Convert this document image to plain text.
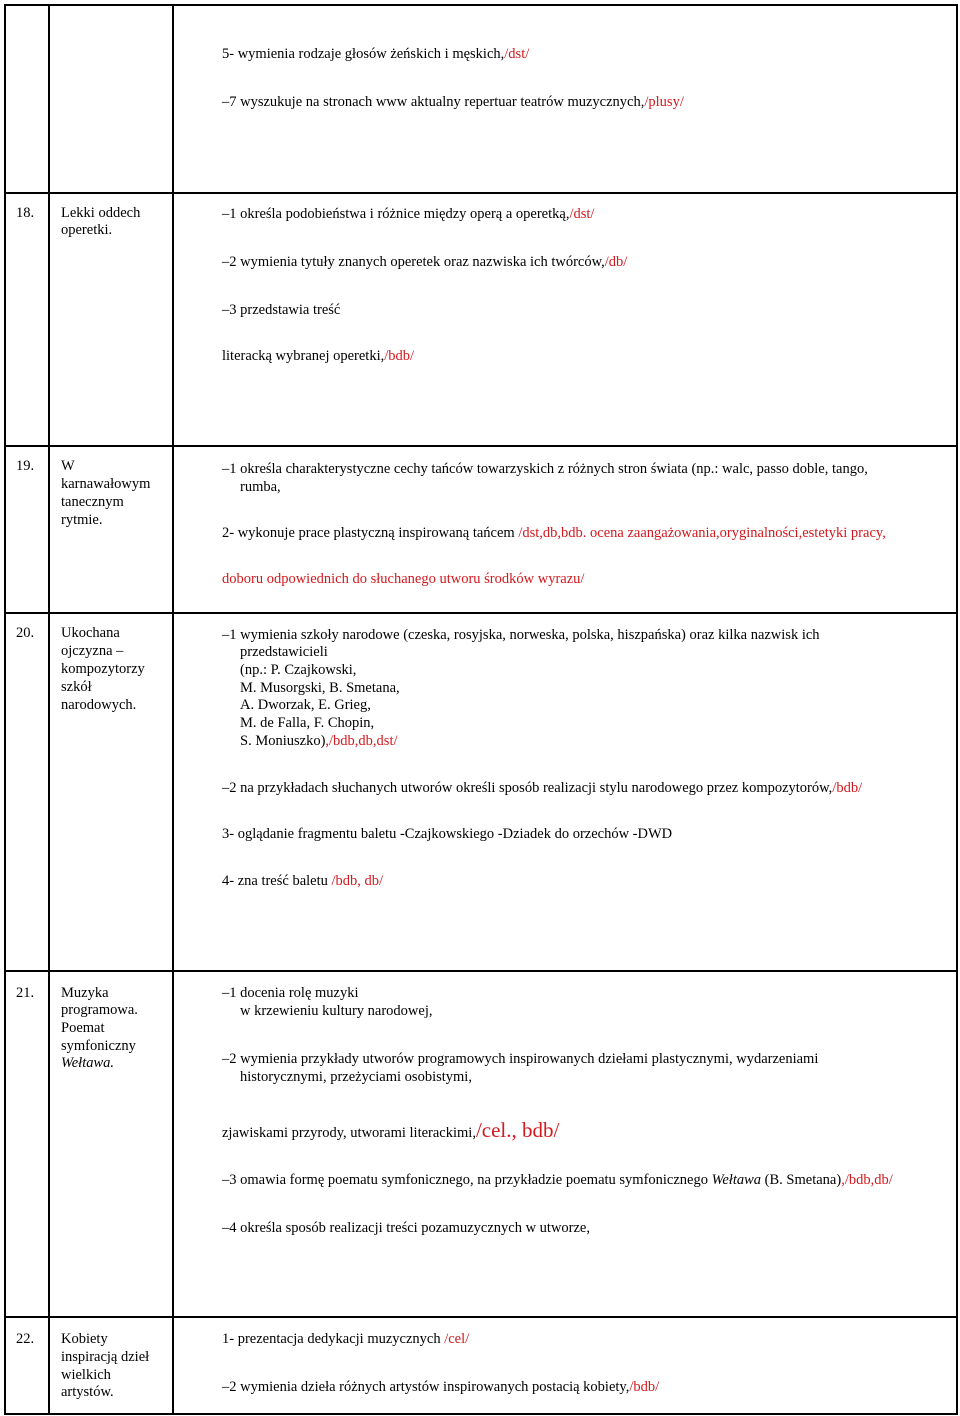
5- wymienia rodzaje głosów żeńskich i męskich,/dst/
–7 wyszukuje na stronach www aktualny repertuar teatrów muzycznych,/plusy/
18. Lekki oddech
operetki.
–1 określa podobieństwa i różnice między operą a operetką,/dst/
–2 wymienia tytuły znanych operetek oraz nazwiska ich twórców,/db/
–3 przedstawia treść
literacką wybranej operetki,/bdb/
19. W
karnawałowym
tanecznym
rytmie.
–1 określa charakterystyczne cechy tańców towarzyskich z różnych stron świata (np.: walc, passo doble, tango,
rumba,
2- wykonuje prace plastyczną inspirowaną tańcem /dst,db,bdb. ocena zaangażowania,oryginalności,estetyki pracy,
doboru odpowiednich do słuchanego utworu środków wyrazu/
20. Ukochana
ojczyzna –
kompozytorzy
szkół
narodowych.
–1 wymienia szkoły narodowe (czeska, rosyjska, norweska, polska, hiszpańska) oraz kilka nazwisk ich
przedstawicieli
(np.: P. Czajkowski,
M. Musorgski, B. Smetana,
A. Dworzak, E. Grieg,
M. de Falla, F. Chopin,
S. Moniuszko),/bdb,db,dst/
–2 na przykładach słuchanych utworów określi sposób realizacji stylu narodowego przez kompozytorów,/bdb/
3- oglądanie fragmentu baletu -Czajkowskiego -Dziadek do orzechów -DWD
4- zna treść baletu /bdb, db/
21. Muzyka
programowa.
Poemat
symfoniczny
Wełtawa.
–1 docenia rolę muzyki
w krzewieniu kultury narodowej,
–2 wymienia przykłady utworów programowych inspirowanych dziełami plastycznymi, wydarzeniami
historycznymi, przeżyciami osobistymi,
zjawiskami przyrody, utworami literackimi,/cel., bdb/
–3 omawia formę poematu symfonicznego, na przykładzie poematu symfonicznego Wełtawa (B. Smetana),/bdb,db/
–4 określa sposób realizacji treści pozamuzycznych w utworze,
22. Kobiety
inspiracją dzieł
wielkich
artystów.
1- prezentacja dedykacji muzycznych /cel/
–2 wymienia dzieła różnych artystów inspirowanych postacią kobiety,/bdb/
